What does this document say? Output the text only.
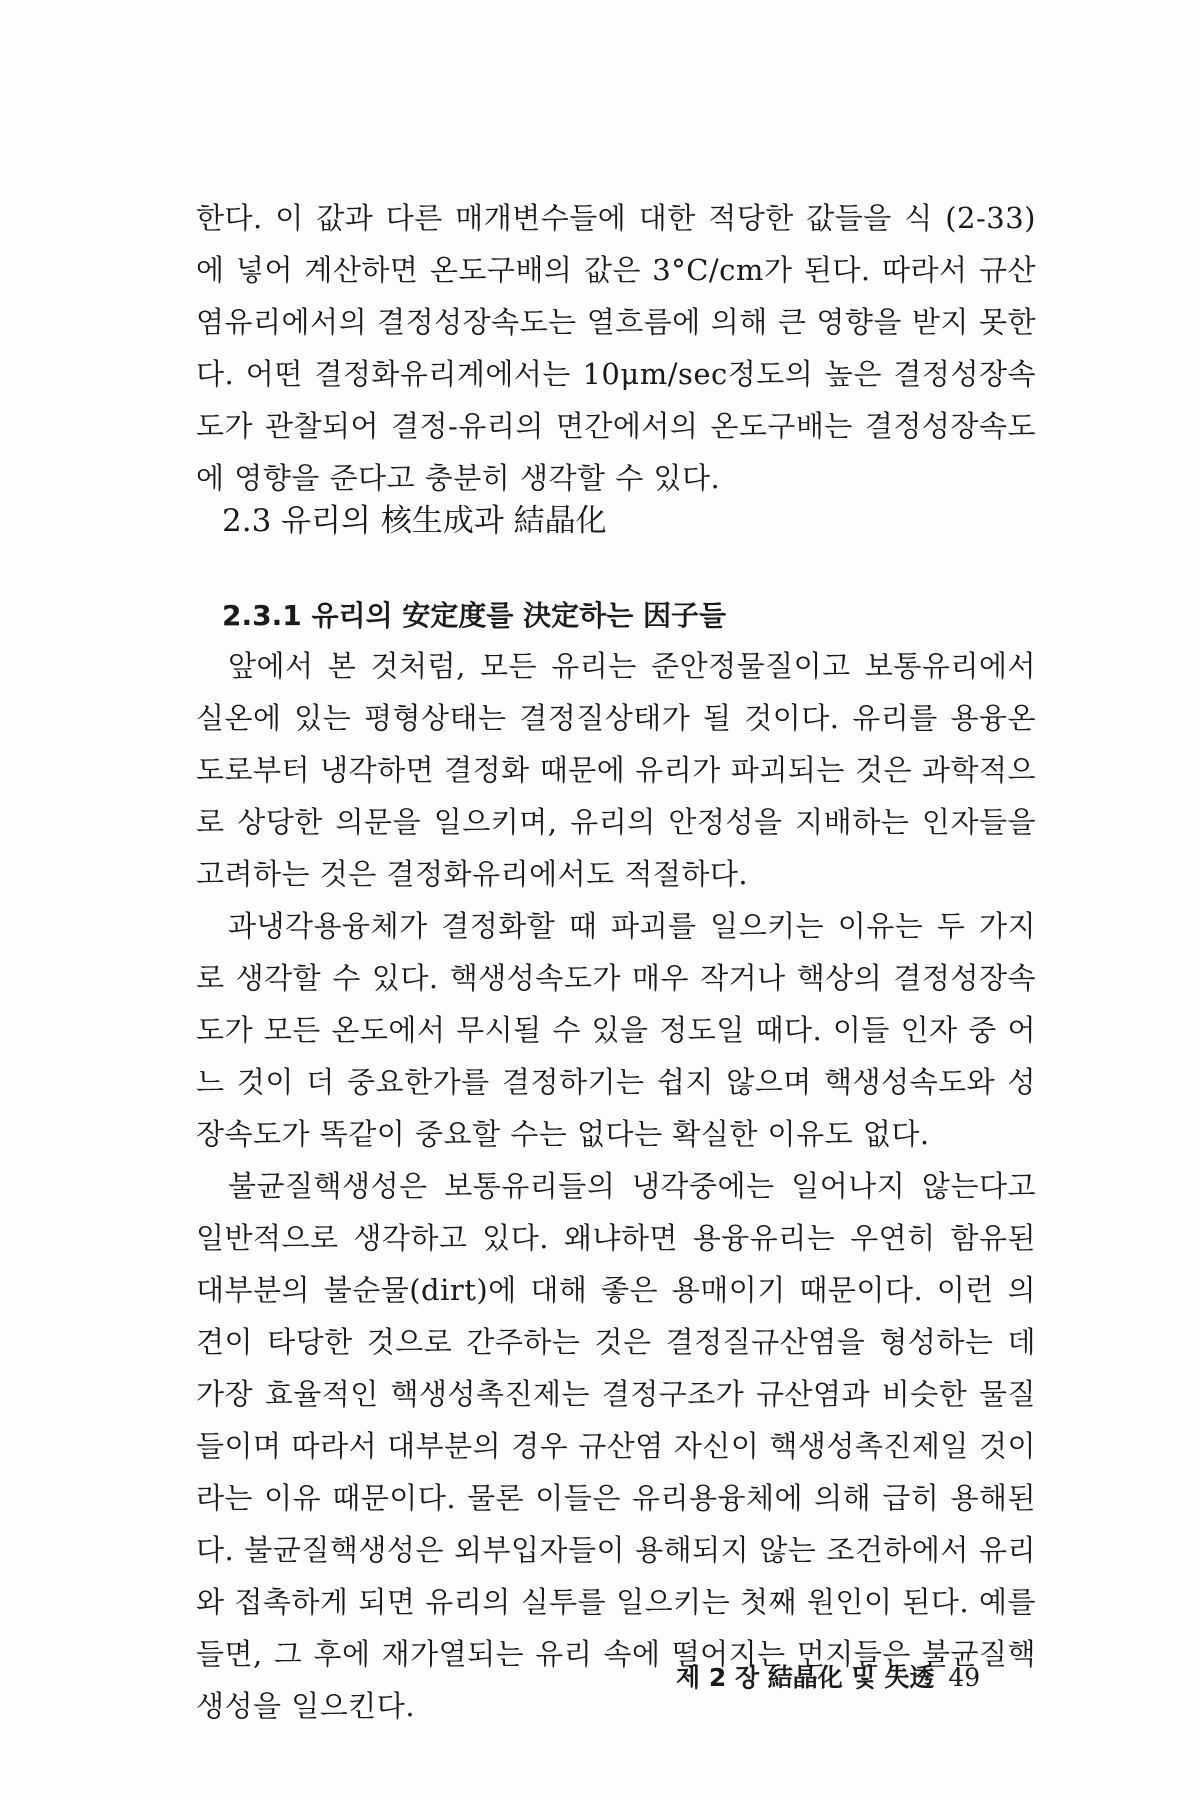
한다. 이 값과 다른 매개변수들에 대한 적당한 값들을 식 (2-33)에 넣어 계산하면 온도구배의 값은 3°C/cm가 된다. 따라서 규산염유리에서의 결정성장속도는 열흐름에 의해 큰 영향을 받지 못한다. 어떤 결정화유리계에서는 10μm/sec정도의 높은 결정성장속도가 관찰되어 결정-유리의 면간에서의 온도구배는 결정성장속도에 영향을 준다고 충분히 생각할 수 있다.

2.3 유리의 核生成과 結晶化
2.3.1 유리의 安定度를 決定하는 因子들

앞에서 본 것처럼, 모든 유리는 준안정물질이고 보통유리에서 실온에 있는 평형상태는 결정질상태가 될 것이다. 유리를 용융온도로부터 냉각하면 결정화 때문에 유리가 파괴되는 것은 과학적으로 상당한 의문을 일으키며, 유리의 안정성을 지배하는 인자들을 고려하는 것은 결정화유리에서도 적절하다.

과냉각용융체가 결정화할 때 파괴를 일으키는 이유는 두 가지로 생각할 수 있다. 핵생성속도가 매우 작거나 핵상의 결정성장속도가 모든 온도에서 무시될 수 있을 정도일 때다. 이들 인자 중 어느 것이 더 중요한가를 결정하기는 쉽지 않으며 핵생성속도와 성장속도가 똑같이 중요할 수는 없다는 확실한 이유도 없다.

불균질핵생성은 보통유리들의 냉각중에는 일어나지 않는다고 일반적으로 생각하고 있다. 왜냐하면 용융유리는 우연히 함유된 대부분의 불순물(dirt)에 대해 좋은 용매이기 때문이다. 이런 의견이 타당한 것으로 간주하는 것은 결정질규산염을 형성하는 데 가장 효율적인 핵생성촉진제는 결정구조가 규산염과 비슷한 물질들이며 따라서 대부분의 경우 규산염 자신이 핵생성촉진제일 것이라는 이유 때문이다. 물론 이들은 유리용융체에 의해 급히 용해된다. 불균질핵생성은 외부입자들이 용해되지 않는 조건하에서 유리와 접촉하게 되면 유리의 실투를 일으키는 첫째 원인이 된다. 예를 들면, 그 후에 재가열되는 유리 속에 떨어지는 먼지들은 불균질핵생성을 일으킨다.

제 2 장 結晶化 및 失透 49
